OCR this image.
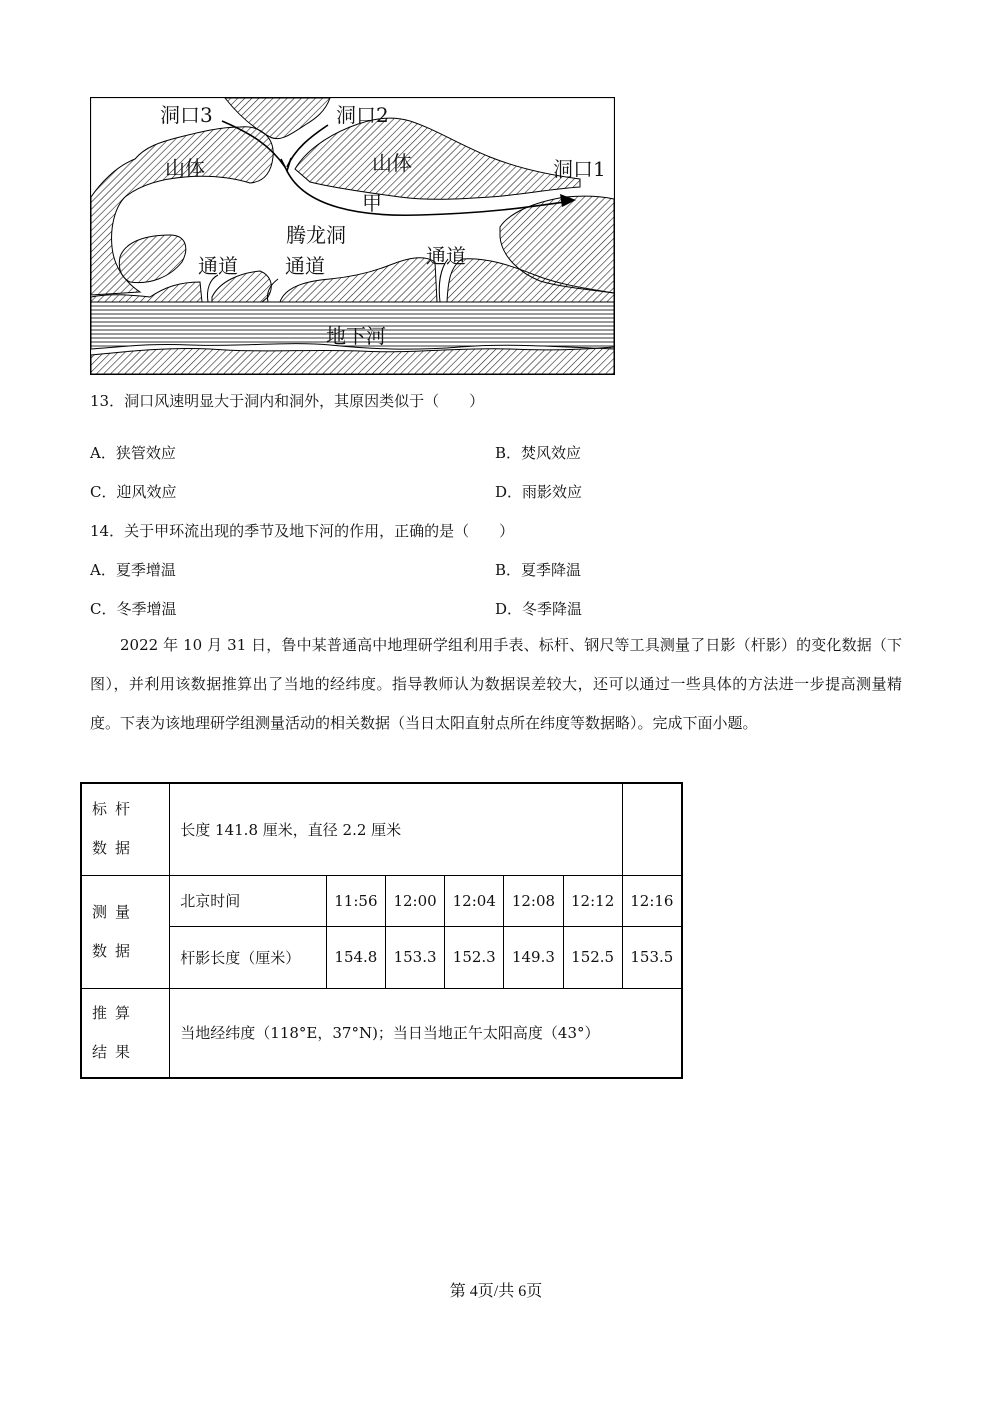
洞口3	洞口2
洞口1
山体	山体
甲
腾龙洞
通道 通道	通道
地下河
13．洞口风速明显大于洞内和洞外，其原因类似于（　　）
A．狭管效应	B．焚风效应
C．迎风效应	D．雨影效应
14．关于甲环流出现的季节及地下河的作用，正确的是（　　）
A．夏季增温	B．夏季降温
C．冬季增温	D．冬季降温

2022 年 10 月 31 日，鲁中某普通高中地理研学组利用手表、标杆、钢尺等工具测量了日影（杆影）的变化数据（下图），并利用该数据推算出了当地的经纬度。指导教师认为数据误差较大，还可以通过一些具体的方法进一步提高测量精度。下表为该地理研学组测量活动的相关数据（当日太阳直射点所在纬度等数据略）。完成下面小题。

标杆数据	长度 141.8 厘米，直径 2.2 厘米						
测量数据	北京时间	11:56	12:00	12:04	12:08	12:12	12:16
	杆影长度（厘米）	154.8	153.3	152.3	149.3	152.5	153.5
推算结果	当地经纬度（118°E，37°N)；当日当地正午太阳高度（43°）						
第 4页/共 6页
